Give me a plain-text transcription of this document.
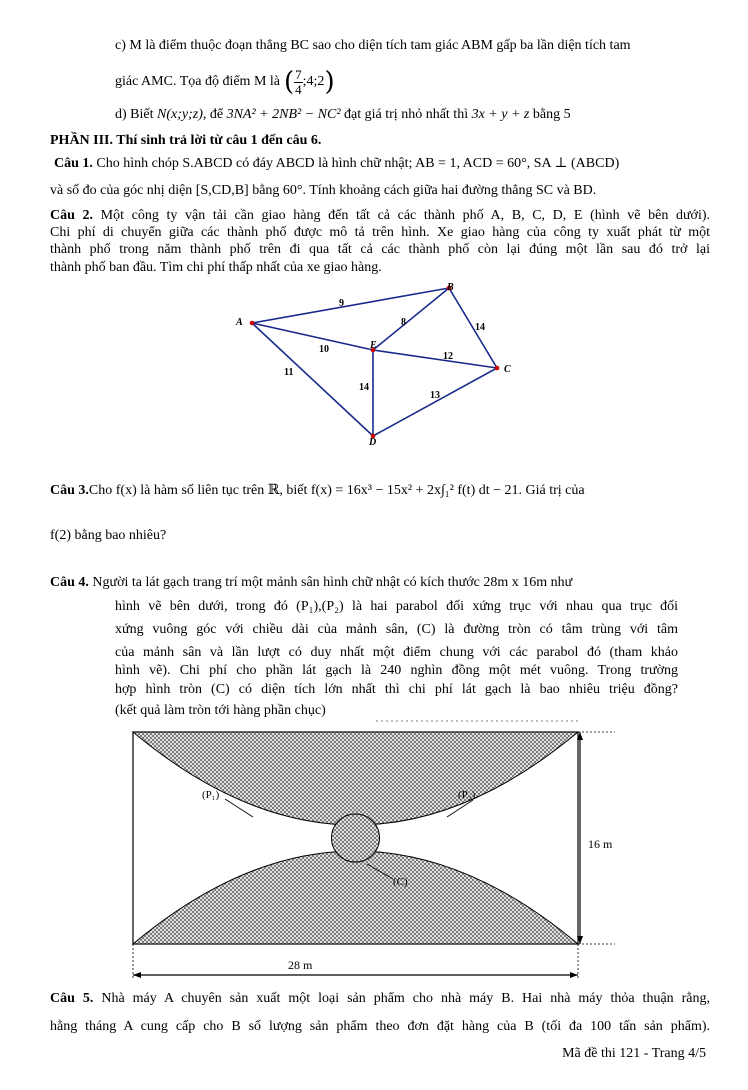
c) M là điểm thuộc đoạn thẳng BC sao cho diện tích tam giác ABM gấp ba lần diện tích tam
giác AMC. Tọa độ điểm M là ( $\frac{7}{4}$ ;4;2 )
d) Biết N(x;y;z), để 3NA² + 2NB² − NC² đạt giá trị nhỏ nhất thì 3x + y + z bằng 5
PHẦN III. Thí sinh trả lời từ câu 1 đến câu 6.
Câu 1. Cho hình chóp S.ABCD có đáy ABCD là hình chữ nhật; AB = 1, ACD = 60°, SA ⊥ (ABCD)
và số đo của góc nhị diện [S,CD,B] bằng 60°. Tính khoảng cách giữa hai đường thẳng SC và BD.
Câu 2. Một công ty vận tải cần giao hàng đến tất cả các thành phố A, B, C, D, E (hình vẽ bên dưới).
Chi phí di chuyển giữa các thành phố được mô tả trên hình. Xe giao hàng của công ty xuất phát từ một
thành phố trong năm thành phố trên đi qua tất cả các thành phố còn lại đúng một lần sau đó trở lại
thành phố ban đầu. Tìm chi phí thấp nhất của xe giao hàng.
A
B
C
D
E
9
8	14
10
12
11
14
13
Câu 3.Cho f(x) là hàm số liên tục trên ℝ, biết f(x) = 16x³ − 15x² + 2x∫₁² f(t) dt − 21. Giá trị của
f(2) bằng bao nhiêu?
Câu 4. Người ta lát gạch trang trí một mảnh sân hình chữ nhật có kích thước 28m x 16m như
hình vẽ bên dưới, trong đó (P₁),(P₂) là hai parabol đối xứng trục với nhau qua trục đối
xứng vuông góc với chiều dài của mảnh sân, (C) là đường tròn có tâm trùng với tâm
của mảnh sân và lần lượt có duy nhất một điểm chung với các parabol đó (tham khảo
hình vẽ). Chi phí cho phần lát gạch là 240 nghìn đồng một mét vuông. Trong trường
hợp hình tròn (C) có diện tích lớn nhất thì chi phí lát gạch là bao nhiêu triệu đồng?
(kết quả làm tròn tới hàng phần chục)
(P₁)	(P₂)
(C)
16 m
28 m
Câu 5. Nhà máy A chuyên sản xuất một loại sản phẩm cho nhà máy B. Hai nhà máy thỏa thuận rằng,
hằng tháng A cung cấp cho B số lượng sản phẩm theo đơn đặt hàng của B (tối đa 100 tấn sản phẩm).
Mã đề thi 121 - Trang 4/5
